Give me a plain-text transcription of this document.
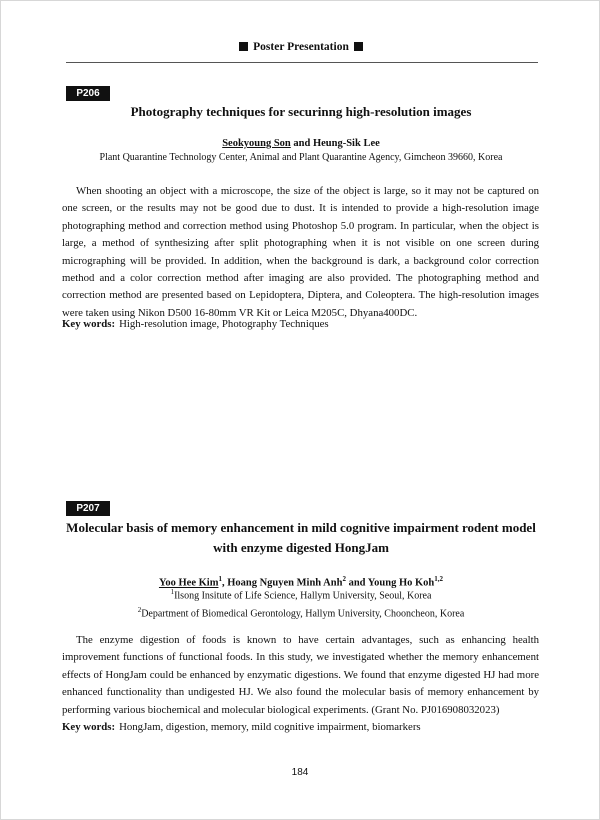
Poster Presentation
P206
Photography techniques for securinng high-resolution images
Seokyoung Son and Heung-Sik Lee
Plant Quarantine Technology Center, Animal and Plant Quarantine Agency, Gimcheon 39660, Korea

When shooting an object with a microscope, the size of the object is large, so it may not be captured on one screen, or the results may not be good due to dust. It is intended to provide a high-resolution image photographing method and correction method using Photoshop 5.0 program. In particular, when the object is large, a method of synthesizing after split photographing when it is not visible on one screen during micrographing will be provided. In addition, when the background is dark, a background color correction method and a color correction method after imaging are also provided. The photographing method and correction method are presented based on Lepidoptera, Diptera, and Coleoptera. The high-resolution images were taken using Nikon D500 16-80mm VR Kit or Leica M205C, Dhyana400DC.

Key words: High-resolution image, Photography Techniques
P207
Molecular basis of memory enhancement in mild cognitive impairment rodent model
with enzyme digested HongJam
Yoo Hee Kim$^1$, Hoang Nguyen Minh Anh$^2$ and Young Ho Koh$^{1,2}$
$^1$Ilsong Insitute of Life Science, Hallym University, Seoul, Korea
$^2$Department of Biomedical Gerontology, Hallym University, Chooncheon, Korea

The enzyme digestion of foods is known to have certain advantages, such as enhancing health improvement functions of functional foods. In this study, we investigated whether the memory enhancement effects of HongJam could be enhanced by enzymatic digestions. We found that enzyme digested HJ had more enhanced functionality than undigested HJ. We also found the molecular basis of memory enhancement by performing various biochemical and molecular biological experiments. (Grant No. PJ016908032023)

Key words: HongJam, digestion, memory, mild cognitive impairment, biomarkers
184
